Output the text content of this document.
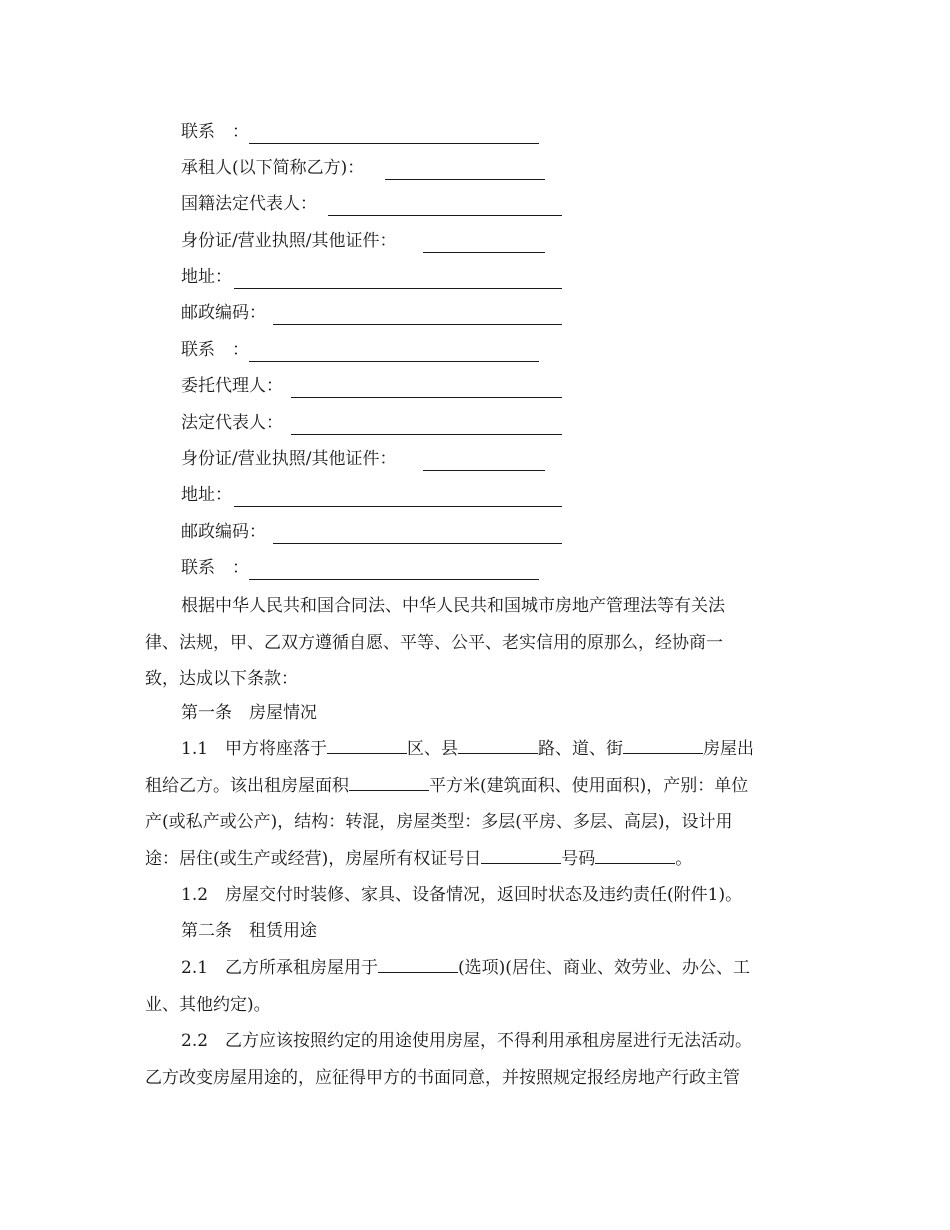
联系　：
承租人(以下简称乙方)：
国籍法定代表人：
身份证/营业执照/其他证件：
地址：
邮政编码：
联系　：
委托代理人：
法定代表人：
身份证/营业执照/其他证件：
地址：
邮政编码：
联系　：
根据中华人民共和国合同法、中华人民共和国城市房地产管理法等有关法
律、法规，甲、乙双方遵循自愿、平等、公平、老实信用的原那么，经协商一
致，达成以下条款：
第一条　房屋情况
1.1　甲方将座落于	区、县	路、道、街	房屋出
租给乙方。该出租房屋面积	平方米(建筑面积、使用面积)，产别：单位
产(或私产或公产)，结构：转混，房屋类型：多层(平房、多层、高层)，设计用
途：居住(或生产或经营)，房屋所有权证号日	号码	。
1.2　房屋交付时装修、家具、设备情况，返回时状态及违约责任(附件1)。
第二条　租赁用途
2.1　乙方所承租房屋用于	(选项)(居住、商业、效劳业、办公、工
业、其他约定)。
2.2　乙方应该按照约定的用途使用房屋，不得利用承租房屋进行无法活动。
乙方改变房屋用途的，应征得甲方的书面同意，并按照规定报经房地产行政主管
